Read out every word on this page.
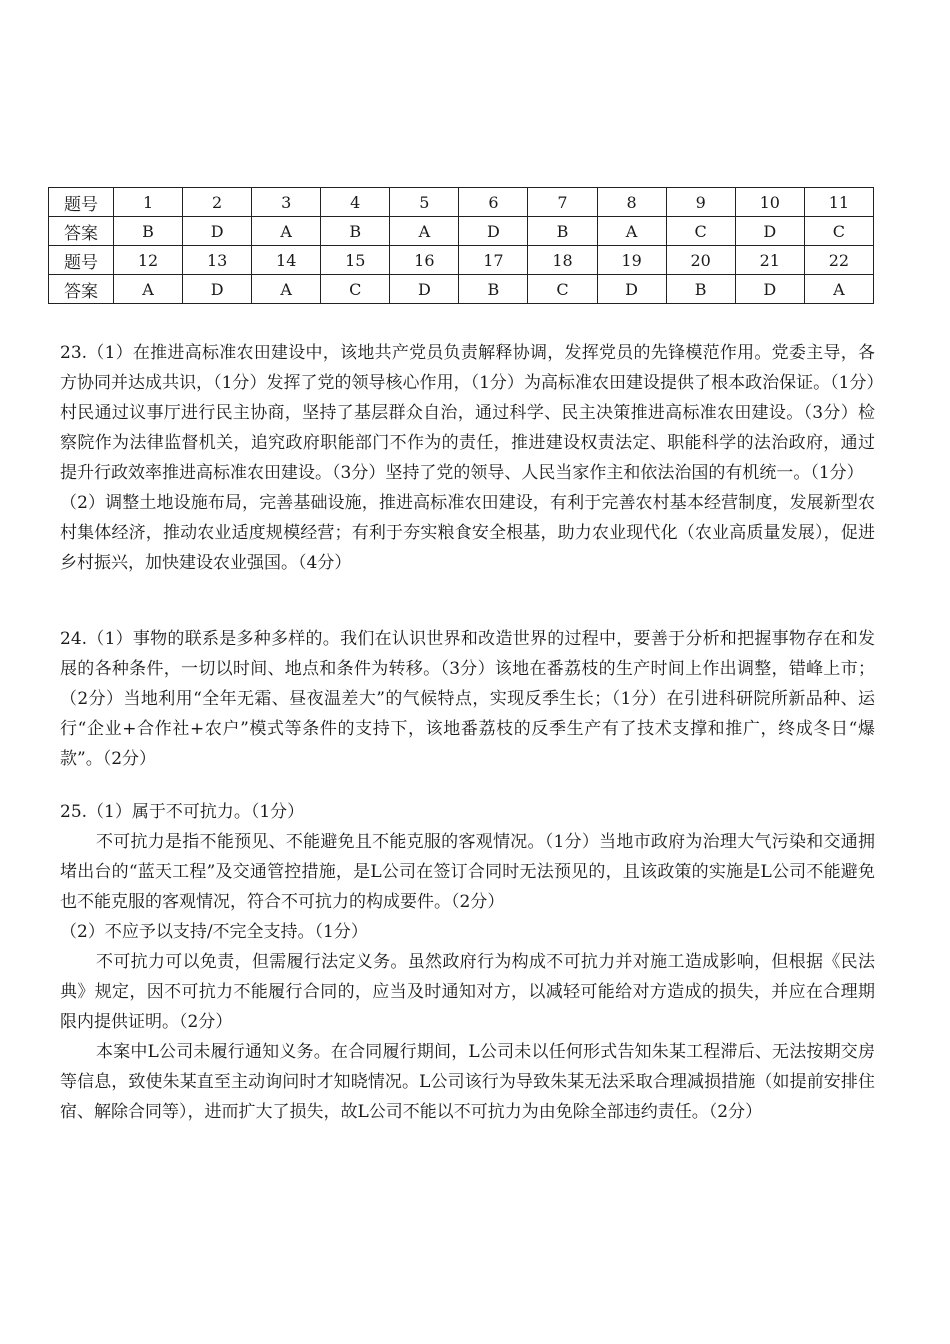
题号	1	2	3	4	5	6	7	8	9	10	11
答案	B	D	A	B	A	D	B	A	C	D	C
题号	12	13	14	15	16	17	18	19	20	21	22
答案	A	D	A	C	D	B	C	D	B	D	A

23.（1）在推进高标准农田建设中，该地共产党员负责解释协调，发挥党员的先锋模范作用。党委主导，各方协同并达成共识，（1分）发挥了党的领导核心作用，（1分）为高标准农田建设提供了根本政治保证。（1分）村民通过议事厅进行民主协商，坚持了基层群众自治，通过科学、民主决策推进高标准农田建设。（3分）检察院作为法律监督机关，追究政府职能部门不作为的责任，推进建设权责法定、职能科学的法治政府，通过提升行政效率推进高标准农田建设。（3分）坚持了党的领导、人民当家作主和依法治国的有机统一。（1分）

（2）调整土地设施布局，完善基础设施，推进高标准农田建设，有利于完善农村基本经营制度，发展新型农村集体经济，推动农业适度规模经营；有利于夯实粮食安全根基，助力农业现代化（农业高质量发展），促进乡村振兴，加快建设农业强国。（4分）

24.（1）事物的联系是多种多样的。我们在认识世界和改造世界的过程中，要善于分析和把握事物存在和发展的各种条件，一切以时间、地点和条件为转移。（3分）该地在番荔枝的生产时间上作出调整，错峰上市；（2分）当地利用“全年无霜、昼夜温差大”的气候特点，实现反季生长；（1分）在引进科研院所新品种、运行“企业+合作社+农户”模式等条件的支持下，该地番荔枝的反季生产有了技术支撑和推广，终成冬日“爆款”。（2分）

25.（1）属于不可抗力。（1分）

不可抗力是指不能预见、不能避免且不能克服的客观情况。（1分）当地市政府为治理大气污染和交通拥堵出台的“蓝天工程”及交通管控措施，是L公司在签订合同时无法预见的，且该政策的实施是L公司不能避免也不能克服的客观情况，符合不可抗力的构成要件。（2分）

（2）不应予以支持/不完全支持。（1分）

不可抗力可以免责，但需履行法定义务。虽然政府行为构成不可抗力并对施工造成影响，但根据《民法典》规定，因不可抗力不能履行合同的，应当及时通知对方，以减轻可能给对方造成的损失，并应在合理期限内提供证明。（2分）

本案中L公司未履行通知义务。在合同履行期间，L公司未以任何形式告知朱某工程滞后、无法按期交房等信息，致使朱某直至主动询问时才知晓情况。L公司该行为导致朱某无法采取合理减损措施（如提前安排住宿、解除合同等），进而扩大了损失，故L公司不能以不可抗力为由免除全部违约责任。（2分）
